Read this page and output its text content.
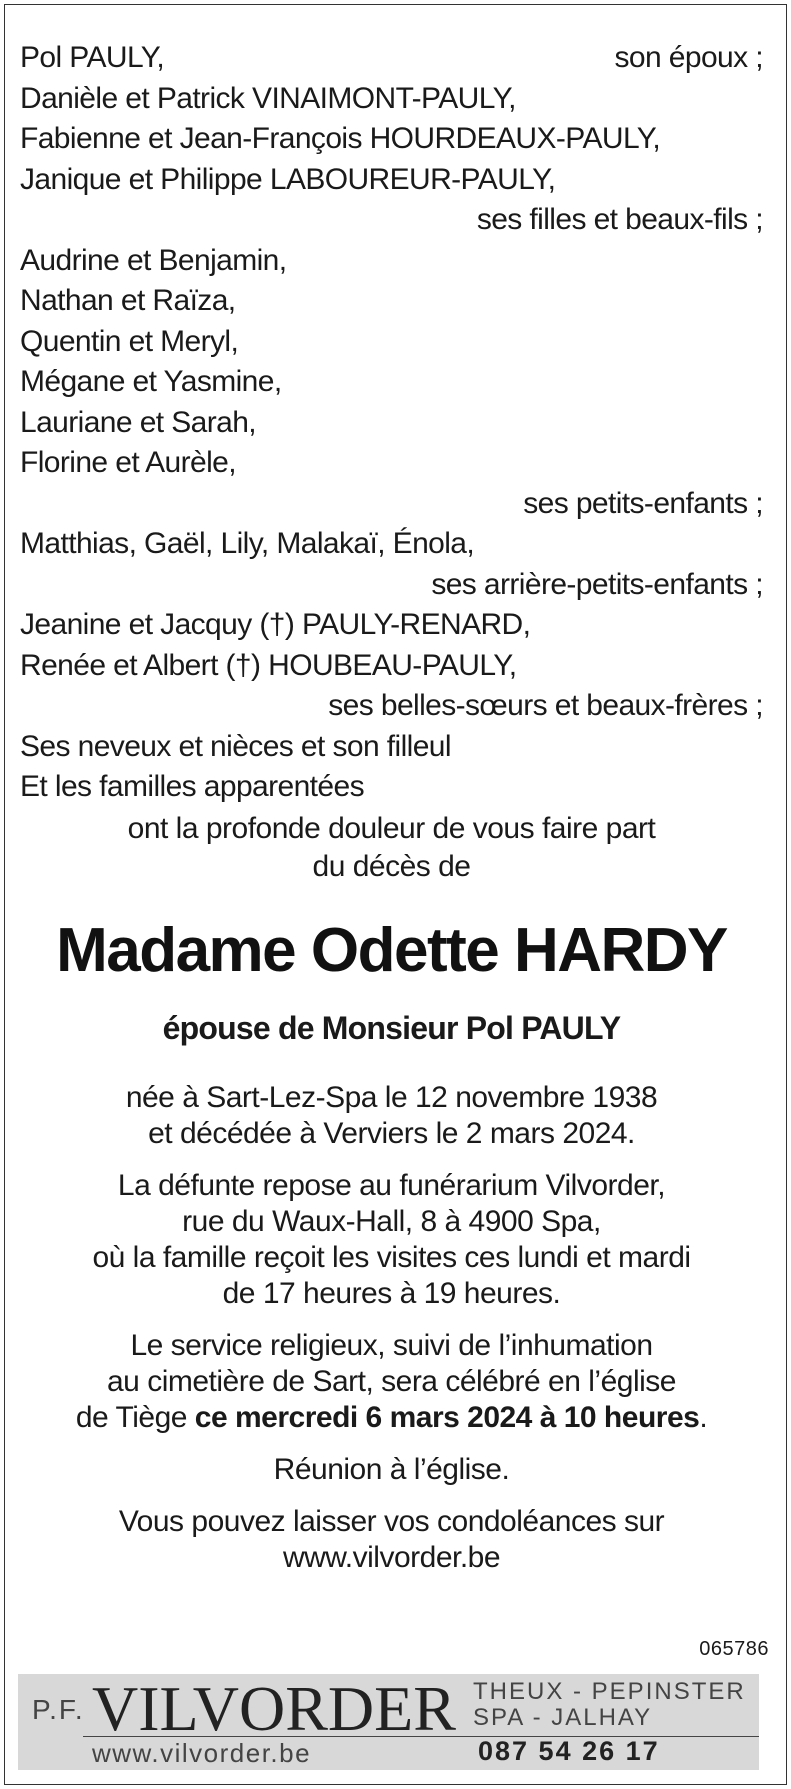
Pol PAULY,	son époux ;
Danièle et Patrick VINAIMONT-PAULY,
Fabienne et Jean-François HOURDEAUX-PAULY,
Janique et Philippe LABOUREUR-PAULY,
ses filles et beaux-fils ;
Audrine et Benjamin,
Nathan et Raïza,
Quentin et Meryl,
Mégane et Yasmine,
Lauriane et Sarah,
Florine et Aurèle,
ses petits-enfants ;
Matthias, Gaël, Lily, Malakaï, Énola,
ses arrière-petits-enfants ;
Jeanine et Jacquy (†) PAULY-RENARD,
Renée et Albert (†) HOUBEAU-PAULY,
ses belles-sœurs et beaux-frères ;
Ses neveux et nièces et son filleul
Et les familles apparentées
ont la profonde douleur de vous faire part
du décès de
Madame Odette HARDY
épouse de Monsieur Pol PAULY
née à Sart-Lez-Spa le 12 novembre 1938
et décédée à Verviers le 2 mars 2024.
La défunte repose au funérarium Vilvorder,
rue du Waux-Hall, 8 à 4900 Spa,
où la famille reçoit les visites ces lundi et mardi
de 17 heures à 19 heures.
Le service religieux, suivi de l’inhumation
au cimetière de Sart, sera célébré en l’église
de Tiège ce mercredi 6 mars 2024 à 10 heures.
Réunion à l’église.
Vous pouvez laisser vos condoléances sur
www.vilvorder.be
065786
P.F. VILVORDER THEUX - PEPINSTER
SPA - JALHAY
www.vilvorder.be	087 54 26 17
